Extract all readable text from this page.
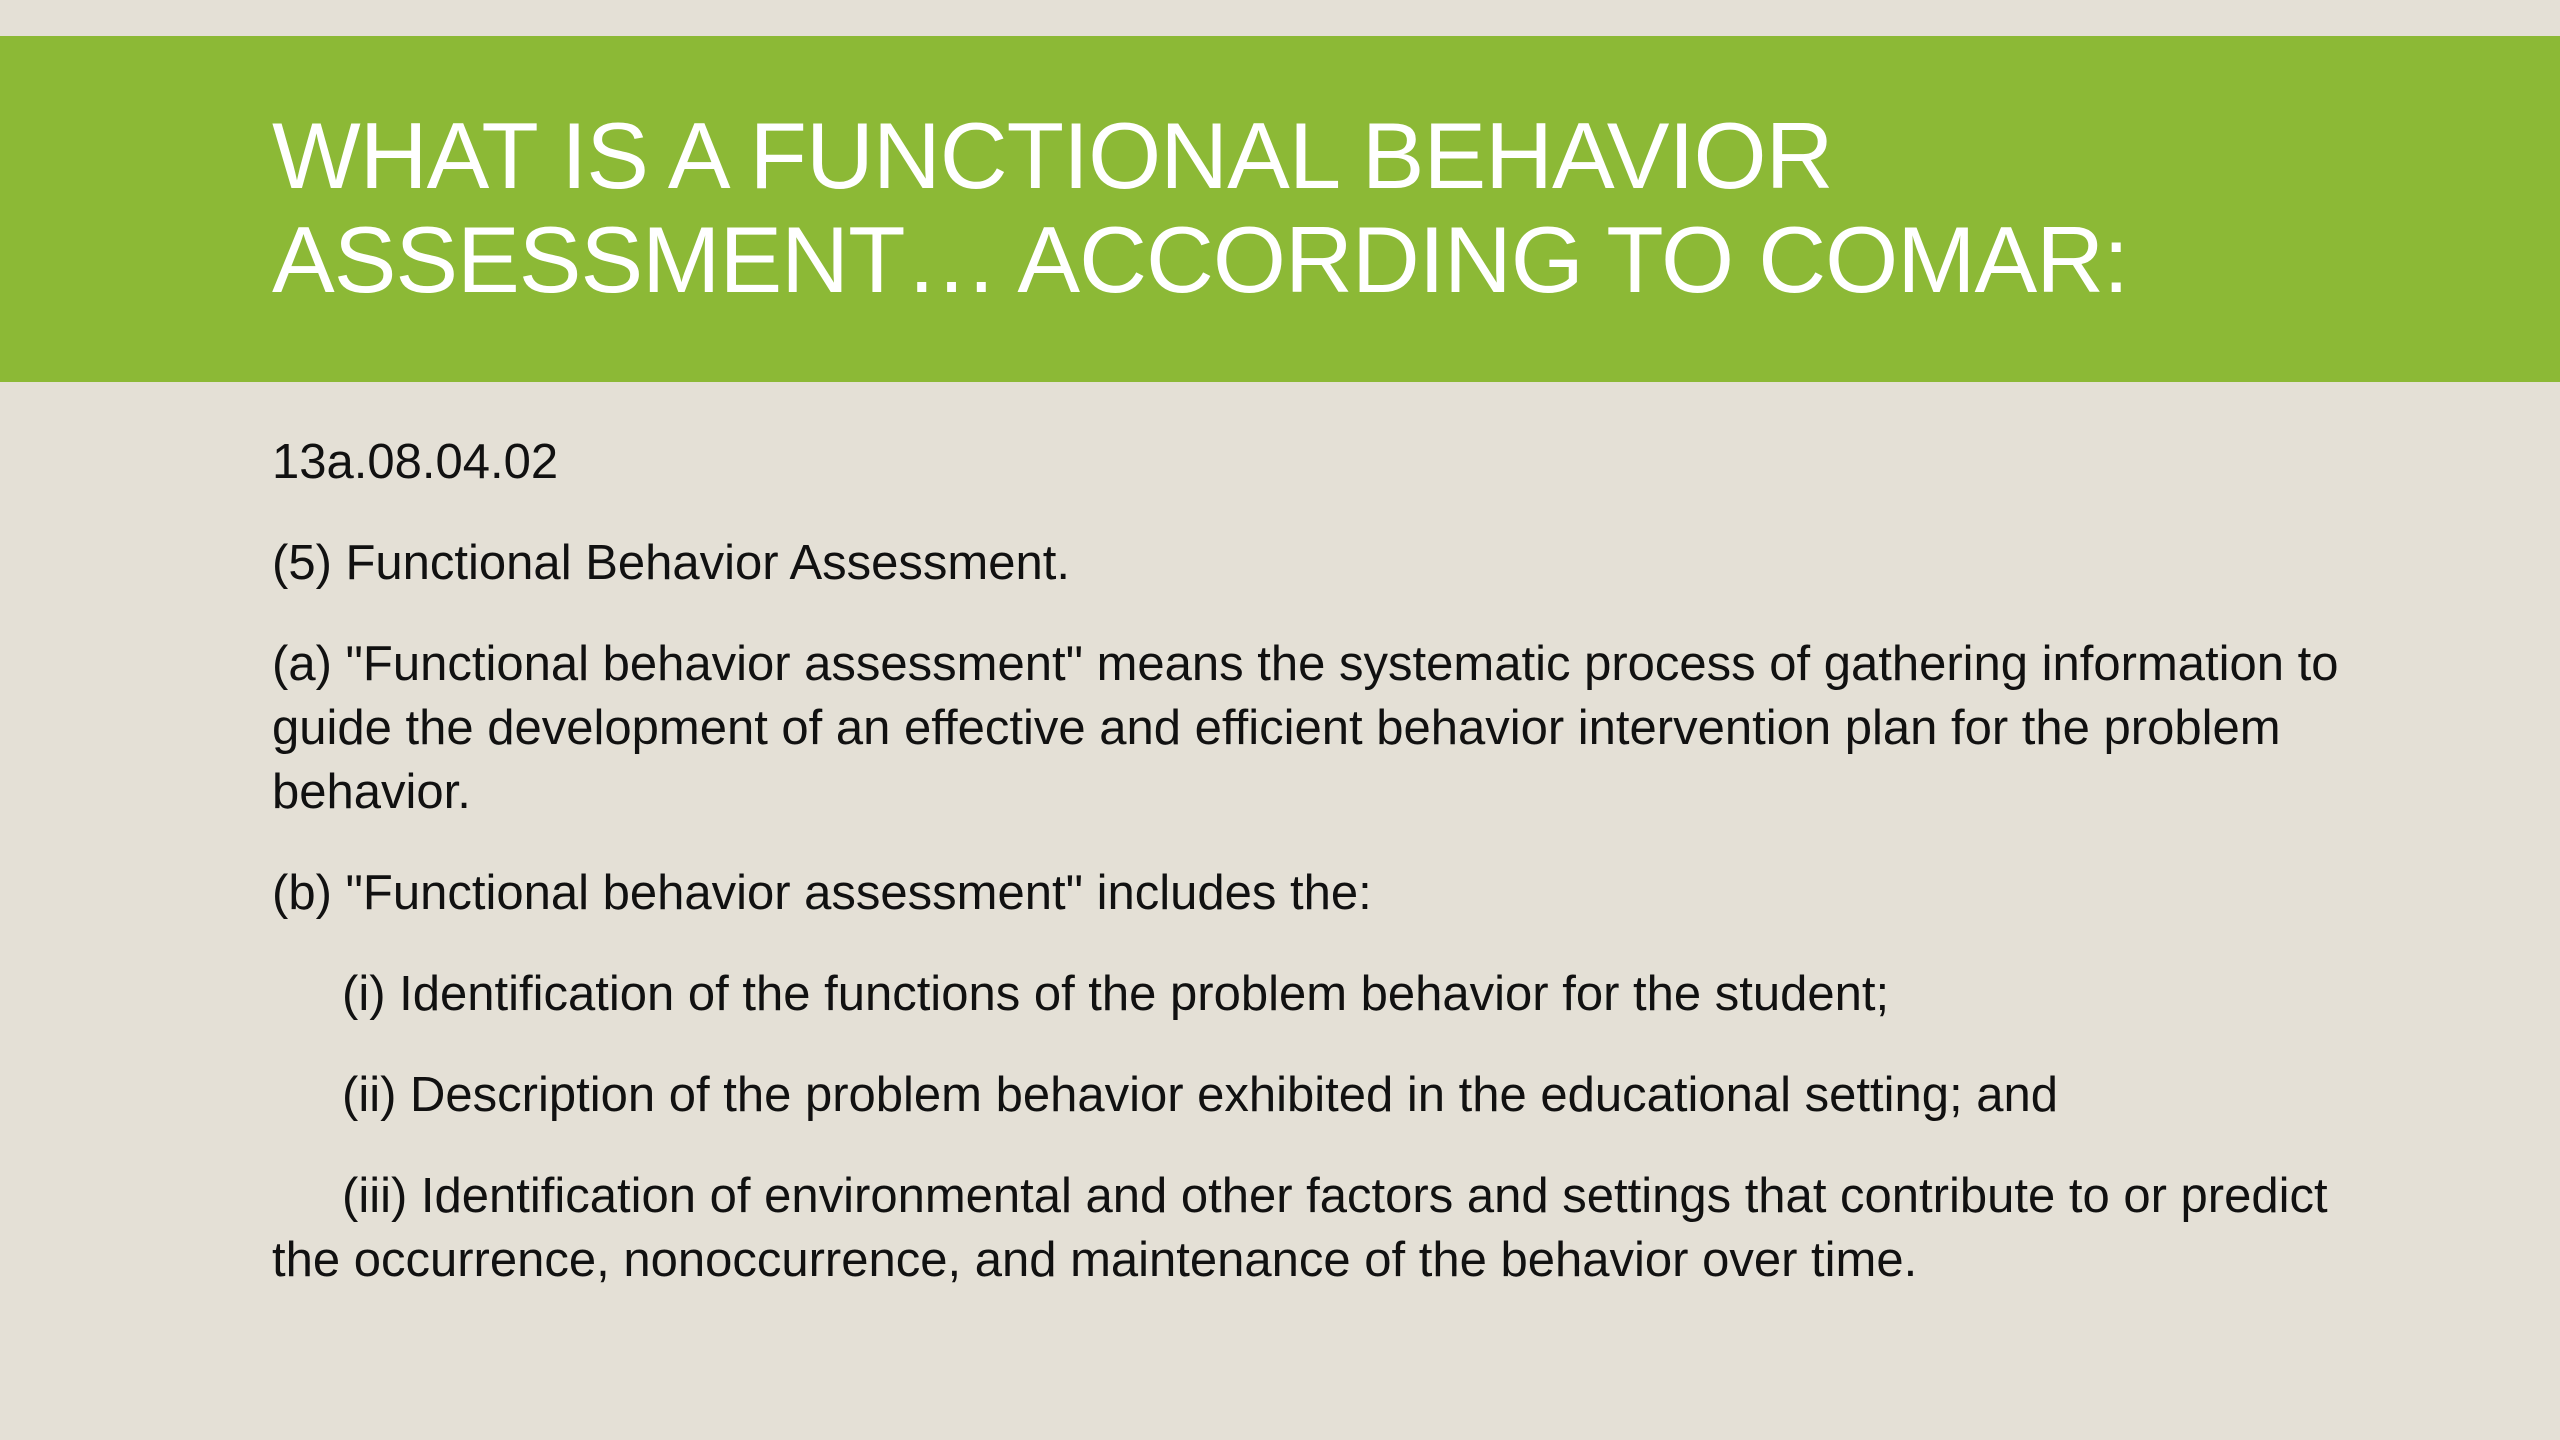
WHAT IS A FUNCTIONAL BEHAVIOR
ASSESSMENT… ACCORDING TO COMAR:

13a.08.04.02

(5) Functional Behavior Assessment.

(a) "Functional behavior assessment" means the systematic process of gathering information to guide the development of an effective and efficient behavior intervention plan for the problem behavior.

(b) "Functional behavior assessment" includes the:

(i) Identification of the functions of the problem behavior for the student;

(ii) Description of the problem behavior exhibited in the educational setting; and

(iii) Identification of environmental and other factors and settings that contribute to or predict the occurrence, nonoccurrence, and maintenance of the behavior over time.
